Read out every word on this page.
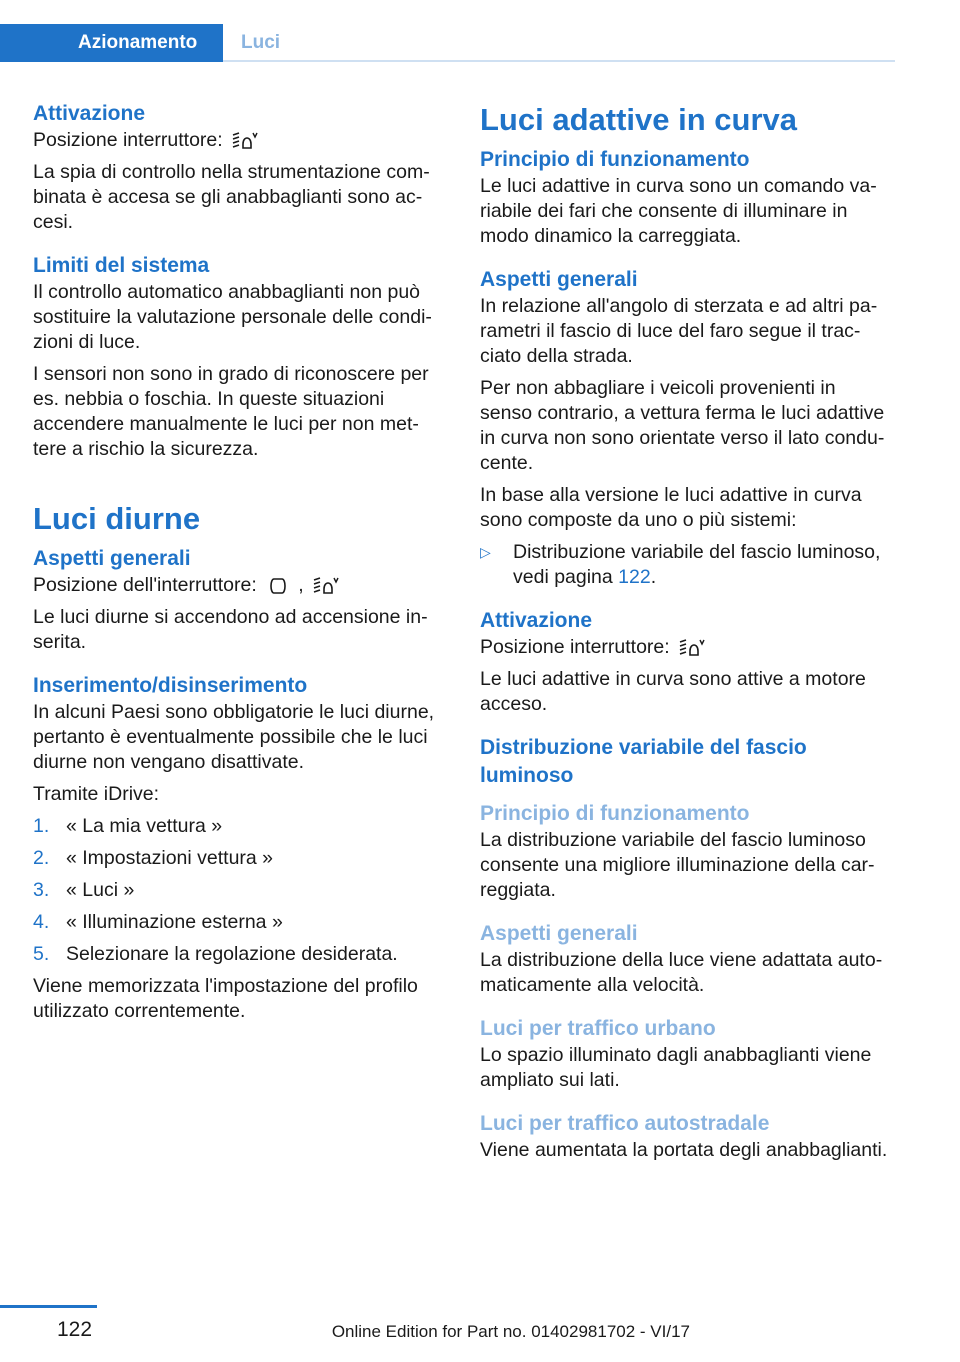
Azionamento	Luci
Attivazione

Posizione interruttore:

La spia di controllo nella strumentazione com‐binata è accesa se gli anabbaglianti sono ac‐cesi.

Limiti del sistema

Il controllo automatico anabbaglianti non può sostituire la valutazione personale delle condi‐zioni di luce.

I sensori non sono in grado di riconoscere per es. nebbia o foschia. In queste situazioni accendere manualmente le luci per non met‐tere a rischio la sicurezza.

Luci diurne
Aspetti generali

Posizione dell'interruttore: ,

Le luci diurne si accendono ad accensione in‐serita.

Inserimento/disinserimento

In alcuni Paesi sono obbligatorie le luci diurne, pertanto è eventualmente possibile che le luci diurne non vengano disattivate.

Tramite iDrive:

1. « La mia vettura »
2. « Impostazioni vettura »
3. « Luci »
4. « Illuminazione esterna »
5. Selezionare la regolazione desiderata.

Viene memorizzata l'impostazione del profilo utilizzato correntemente.

Luci adattive in curva
Principio di funzionamento

Le luci adattive in curva sono un comando va‐riabile dei fari che consente di illuminare in modo dinamico la carreggiata.

Aspetti generali

In relazione all'angolo di sterzata e ad altri pa‐rametri il fascio di luce del faro segue il trac‐ciato della strada.

Per non abbagliare i veicoli provenienti in senso contrario, a vettura ferma le luci adattive in curva non sono orientate verso il lato condu‐cente.

In base alla versione le luci adattive in curva sono composte da uno o più sistemi:

▷ Distribuzione variabile del fascio luminoso, vedi pagina 122.
Attivazione

Posizione interruttore:

Le luci adattive in curva sono attive a motore acceso.

Distribuzione variabile del fascio luminoso
Principio di funzionamento

La distribuzione variabile del fascio luminoso consente una migliore illuminazione della car‐reggiata.

Aspetti generali

La distribuzione della luce viene adattata auto‐maticamente alla velocità.

Luci per traffico urbano

Lo spazio illuminato dagli anabbaglianti viene ampliato sui lati.

Luci per traffico autostradale

Viene aumentata la portata degli anabbaglianti.

122	Online Edition for Part no. 01402981702 - VI/17
